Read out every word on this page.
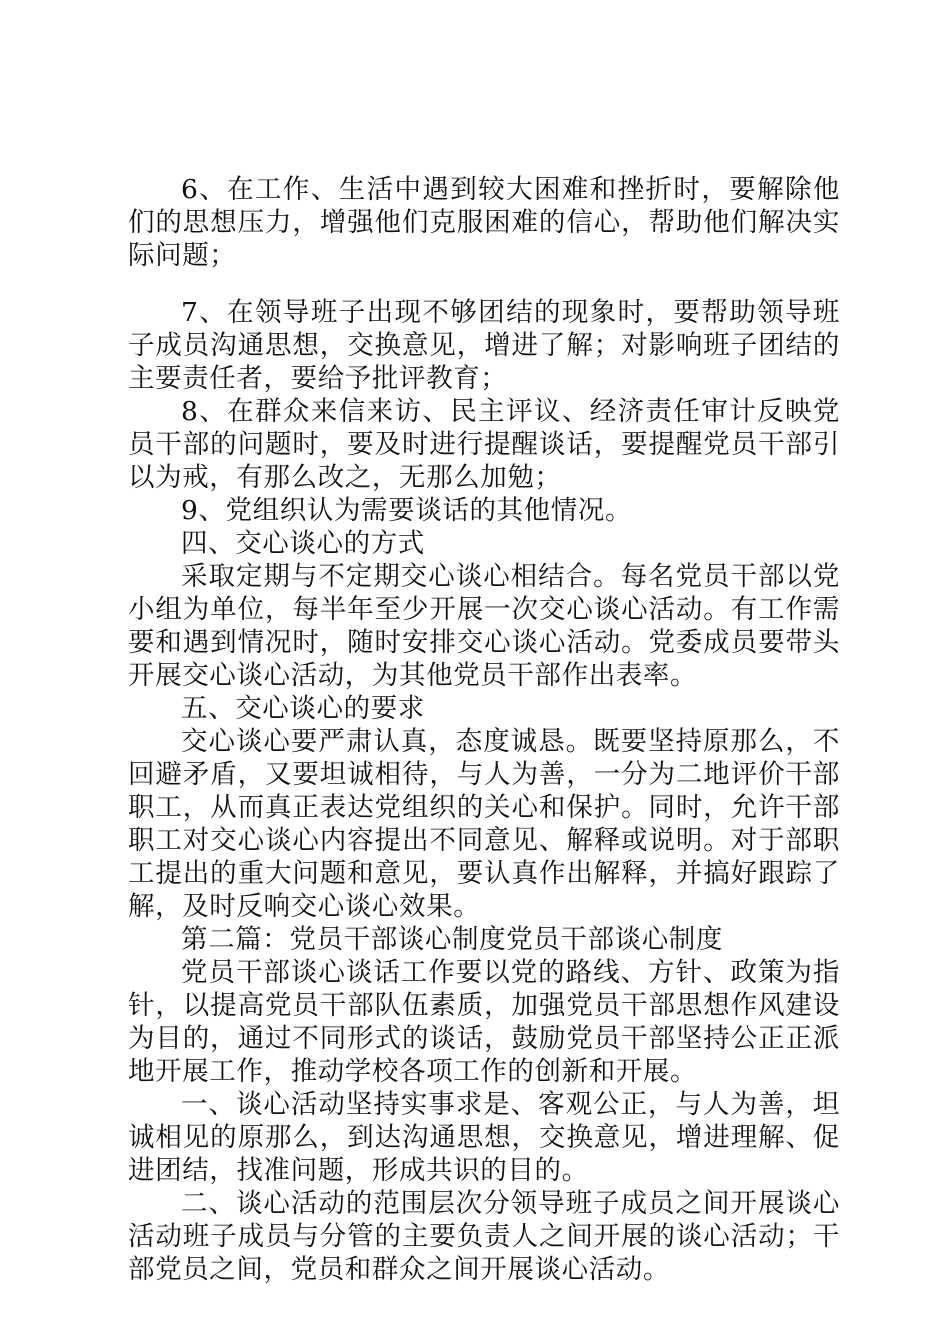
6、在工作、生活中遇到较大困难和挫折时，要解除他们的思想压力，增强他们克服困难的信心，帮助他们解决实际问题；

7、在领导班子出现不够团结的现象时，要帮助领导班子成员沟通思想，交换意见，增进了解；对影响班子团结的主要责任者，要给予批评教育；

8、在群众来信来访、民主评议、经济责任审计反映党员干部的问题时，要及时进行提醒谈话，要提醒党员干部引以为戒，有那么改之，无那么加勉；

9、党组织认为需要谈话的其他情况。

四、交心谈心的方式

采取定期与不定期交心谈心相结合。每名党员干部以党小组为单位，每半年至少开展一次交心谈心活动。有工作需要和遇到情况时，随时安排交心谈心活动。党委成员要带头开展交心谈心活动，为其他党员干部作出表率。

五、交心谈心的要求

交心谈心要严肃认真，态度诚恳。既要坚持原那么，不回避矛盾，又要坦诚相待，与人为善，一分为二地评价干部职工，从而真正表达党组织的关心和保护。同时，允许干部职工对交心谈心内容提出不同意见、解释或说明。对于部职工提出的重大问题和意见，要认真作出解释，并搞好跟踪了解，及时反响交心谈心效果。

第二篇：党员干部谈心制度党员干部谈心制度

党员干部谈心谈话工作要以党的路线、方针、政策为指针，以提高党员干部队伍素质，加强党员干部思想作风建设为目的，通过不同形式的谈话，鼓励党员干部坚持公正正派地开展工作，推动学校各项工作的创新和开展。

一、谈心活动坚持实事求是、客观公正，与人为善，坦诚相见的原那么，到达沟通思想，交换意见，增进理解、促进团结，找准问题，形成共识的目的。

二、谈心活动的范围层次分领导班子成员之间开展谈心活动班子成员与分管的主要负责人之间开展的谈心活动；干部党员之间，党员和群众之间开展谈心活动。
